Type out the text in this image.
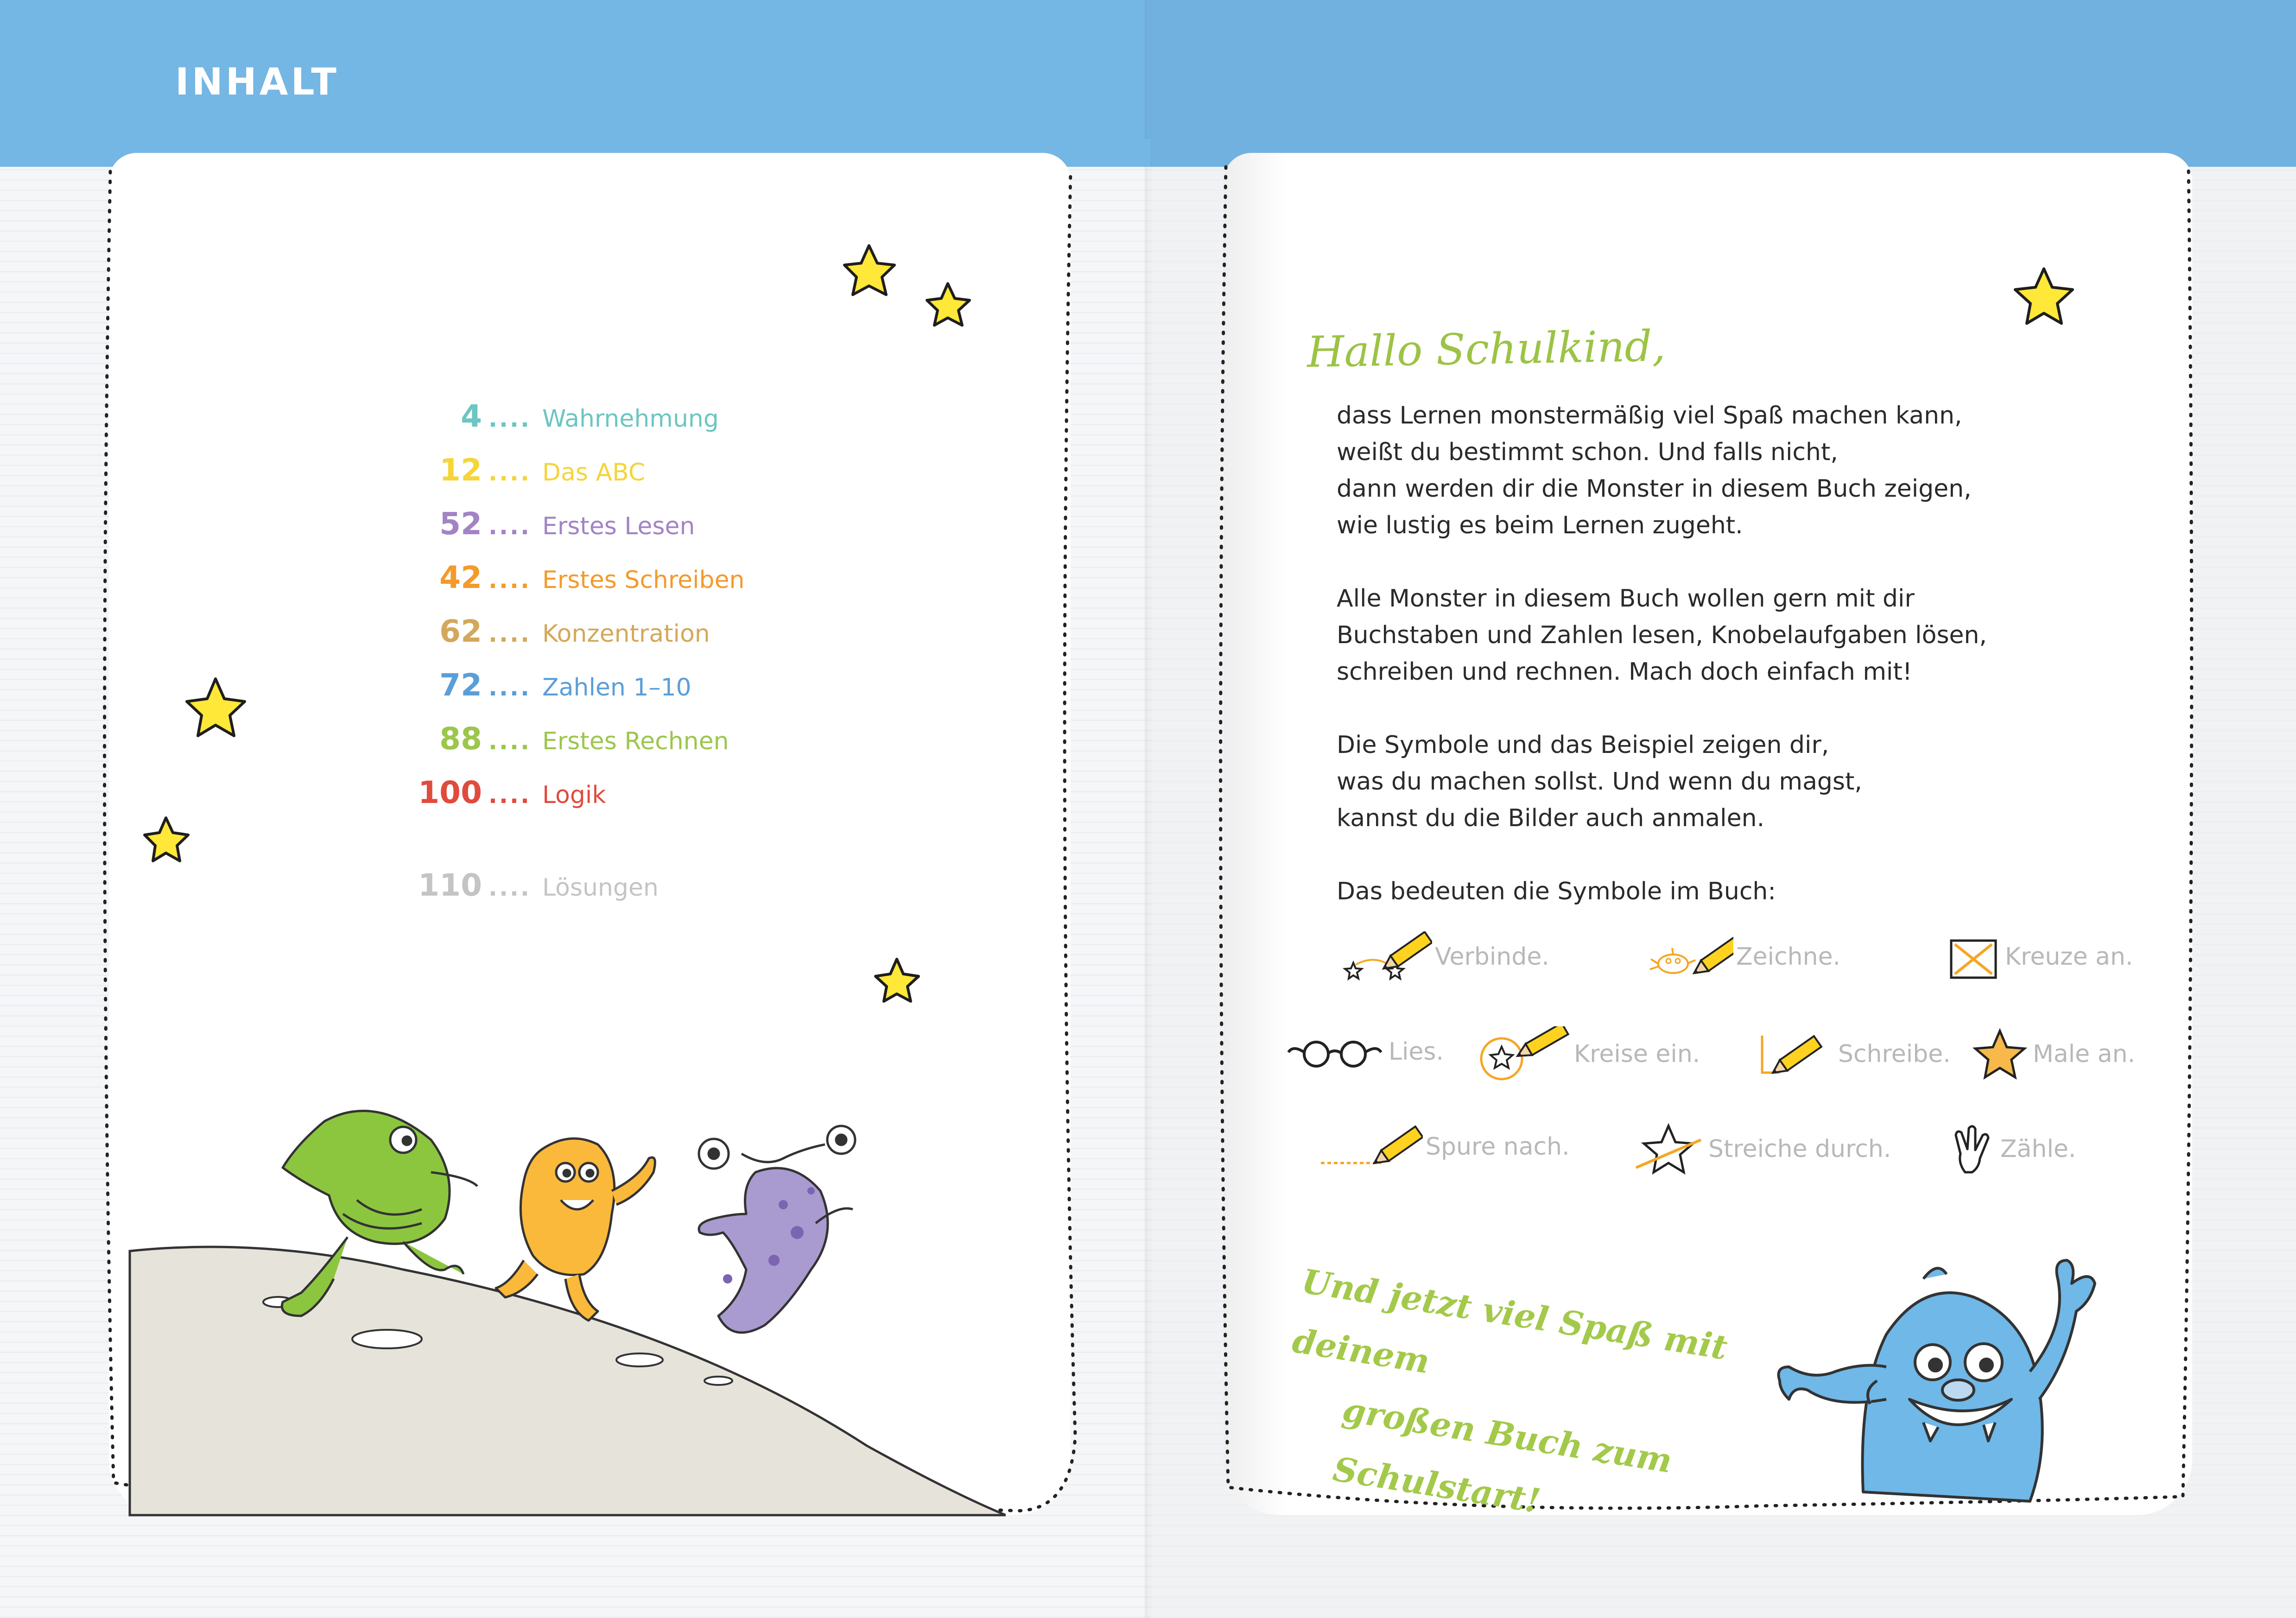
INHALT
4 .... Wahrnehmung
12 .... Das ABC
52 .... Erstes Lesen
42 .... Erstes Schreiben
62 .... Konzentration
72 .... Zahlen 1–10
88 .... Erstes Rechnen
100 .... Logik
110 .... Lösungen
Hallo Schulkind,

dass Lernen monstermäßig viel Spaß machen kann,
weißt du bestimmt schon. Und falls nicht,
dann werden dir die Monster in diesem Buch zeigen,
wie lustig es beim Lernen zugeht.

Alle Monster in diesem Buch wollen gern mit dir
Buchstaben und Zahlen lesen, Knobelaufgaben lösen,
schreiben und rechnen. Mach doch einfach mit!

Die Symbole und das Beispiel zeigen dir,
was du machen sollst. Und wenn du magst,
kannst du die Bilder auch anmalen.

Das bedeuten die Symbole im Buch:

Verbinde.	Zeichne.	Kreuze an.
Lies.	Kreise ein.	Schreibe.	Male an.
Spure nach.	Streiche durch.	Zähle.
Und jetzt viel Spaß mit deinem
großen Buch zum Schulstart!
